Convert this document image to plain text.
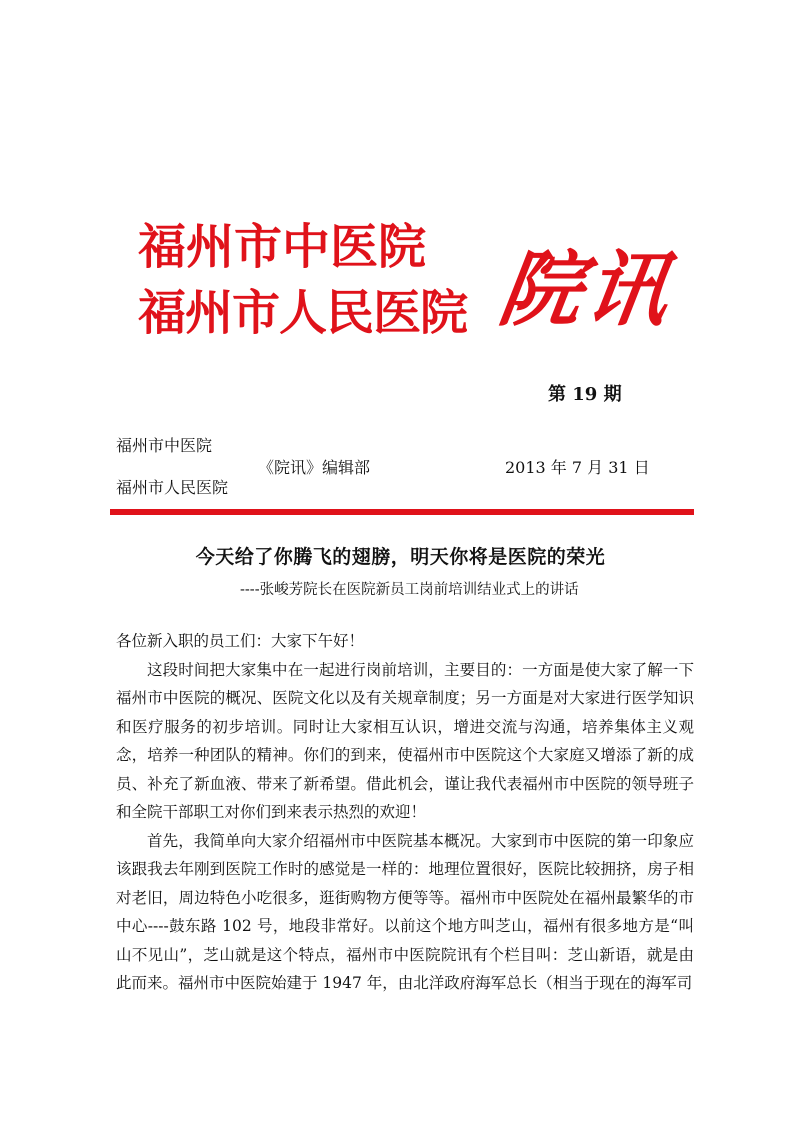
福州市中医院
福州市人民医院 院讯
第 19 期
福州市中医院
《院讯》编辑部	2013 年 7 月 31 日
福州市人民医院
今天给了你腾飞的翅膀，明天你将是医院的荣光
----张峻芳院长在医院新员工岗前培训结业式上的讲话

各位新入职的员工们：大家下午好！

这段时间把大家集中在一起进行岗前培训，主要目的：一方面是使大家了解一下福州市中医院的概况、医院文化以及有关规章制度；另一方面是对大家进行医学知识和医疗服务的初步培训。同时让大家相互认识，增进交流与沟通，培养集体主义观念，培养一种团队的精神。你们的到来，使福州市中医院这个大家庭又增添了新的成员、补充了新血液、带来了新希望。借此机会，谨让我代表福州市中医院的领导班子和全院干部职工对你们到来表示热烈的欢迎！

首先，我简单向大家介绍福州市中医院基本概况。大家到市中医院的第一印象应该跟我去年刚到医院工作时的感觉是一样的：地理位置很好，医院比较拥挤，房子相对老旧，周边特色小吃很多，逛街购物方便等等。福州市中医院处在福州最繁华的市中心----鼓东路 102 号，地段非常好。以前这个地方叫芝山，福州有很多地方是“叫山不见山”，芝山就是这个特点，福州市中医院院讯有个栏目叫：芝山新语，就是由此而来。福州市中医院始建于 1947 年，由北洋政府海军总长（相当于现在的海军司
